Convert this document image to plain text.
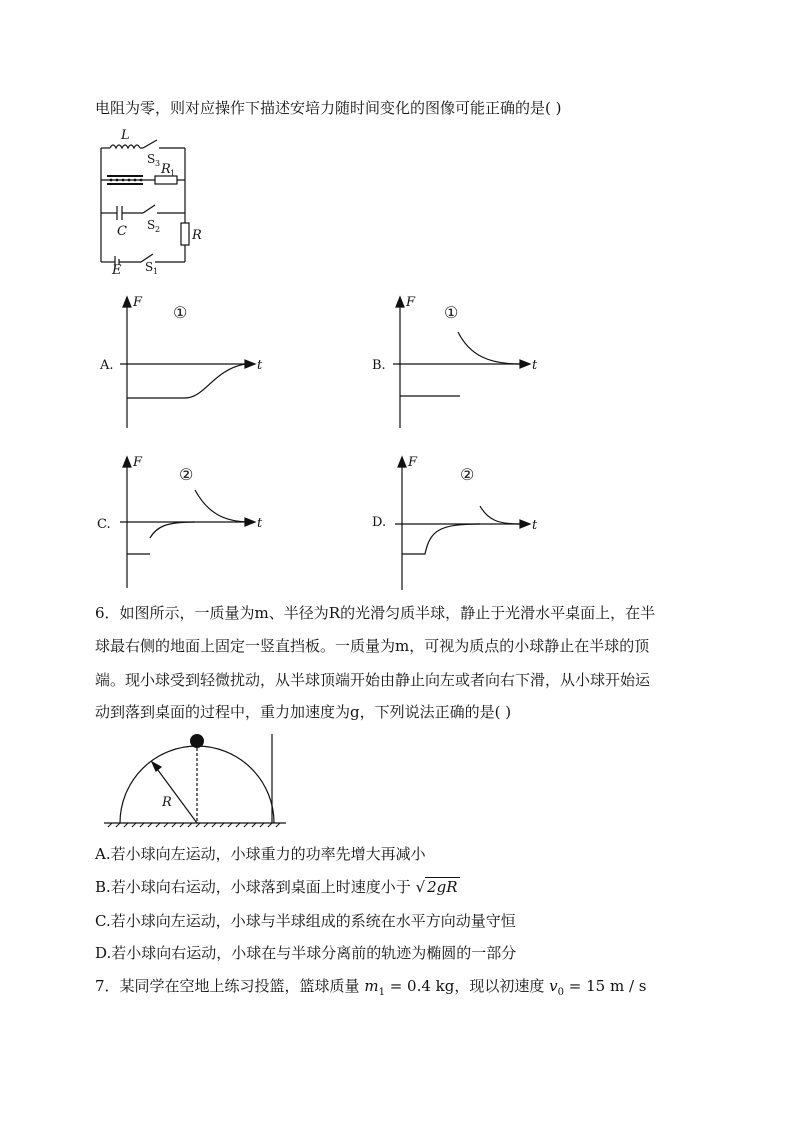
电阻为零，则对应操作下描述安培力随时间变化的图像可能正确的是( )
L
S 3 R 1
C S 2 R
E S 1
A.
F
t
①
B.
F
t
①
C.
F
t
②
D.
F
t
②
6．如图所示，一质量为m、半径为R的光滑匀质半球，静止于光滑水平桌面上，在半
球最右侧的地面上固定一竖直挡板。一质量为m，可视为质点的小球静止在半球的顶
端。现小球受到轻微扰动，从半球顶端开始由静止向左或者向右下滑，从小球开始运
动到落到桌面的过程中，重力加速度为g，下列说法正确的是( )
R
A.若小球向左运动，小球重力的功率先增大再减小
B.若小球向右运动，小球落到桌面上时速度小于 √ 2gR
C.若小球向左运动，小球与半球组成的系统在水平方向动量守恒
D.若小球向右运动，小球在与半球分离前的轨迹为椭圆的一部分
7．某同学在空地上练习投篮，篮球质量 $m_1 = 0.4$ kg，现以初速度 $v_0 = 15$ m / s
